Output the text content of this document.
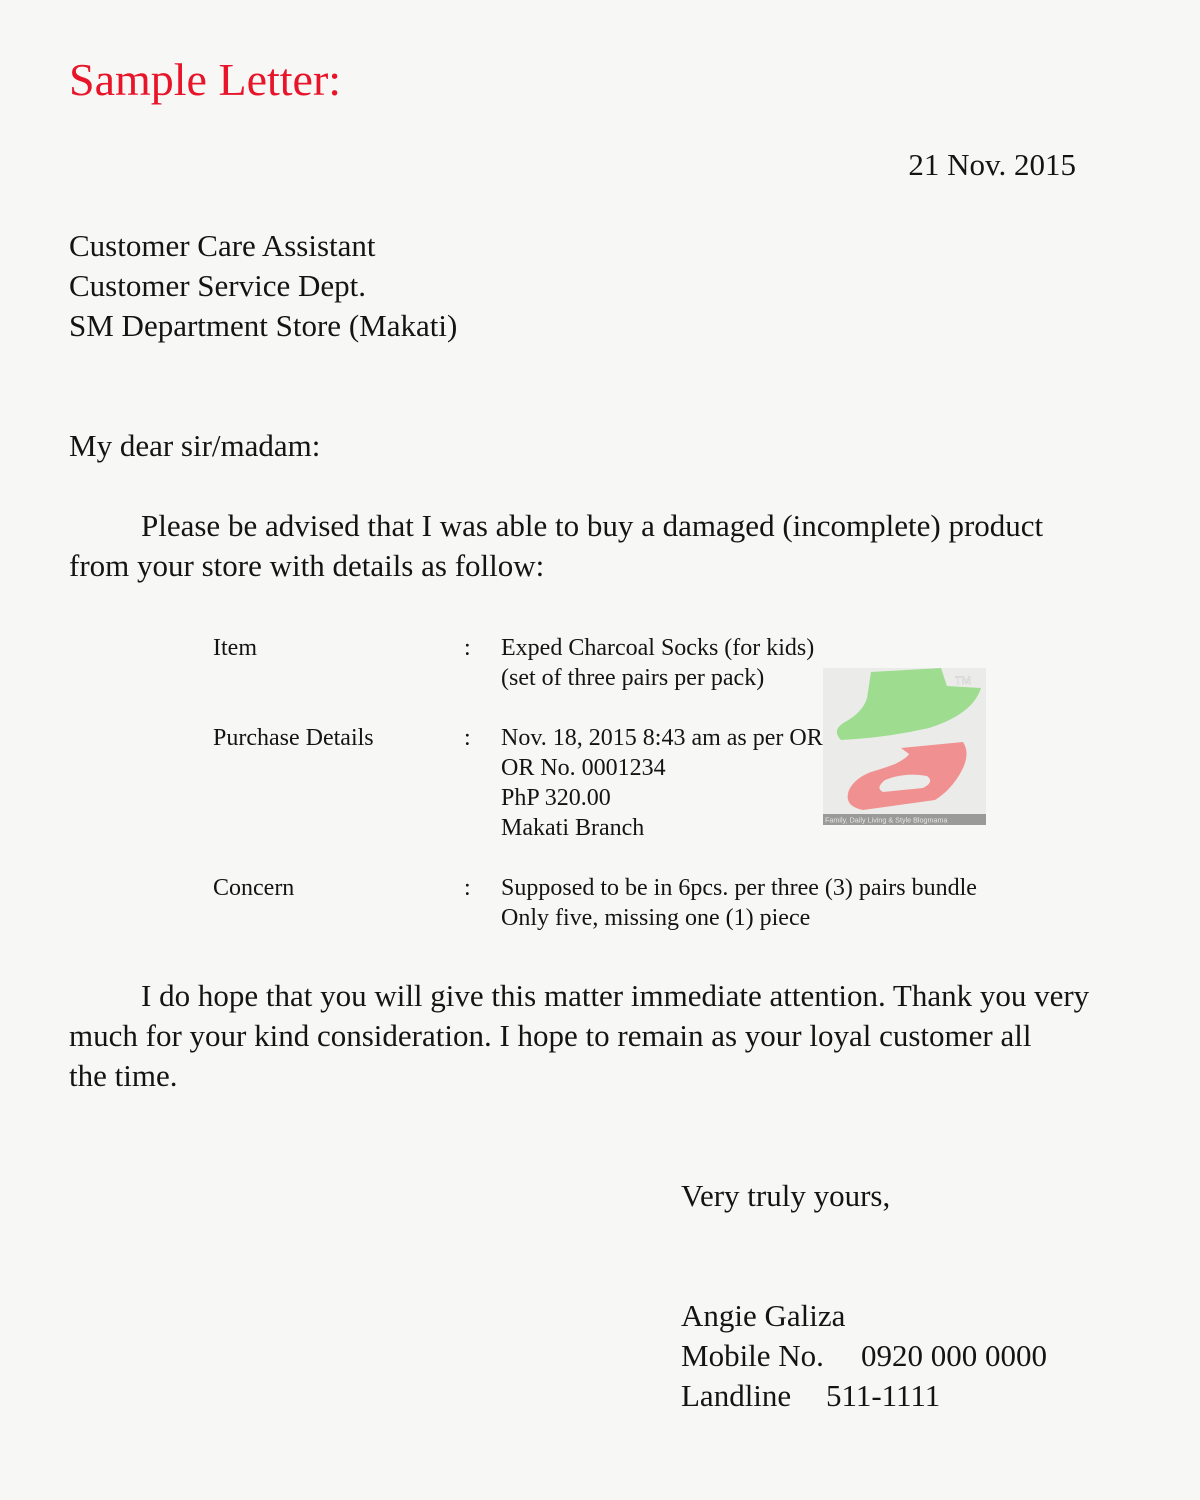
Sample Letter:
21 Nov. 2015
Customer Care Assistant
Customer Service Dept.
SM Department Store (Makati)
My dear sir/madam:
Please be advised that I was able to buy a damaged (incomplete) product
from your store with details as follow:
Item	: Exped Charcoal Socks (for kids)
(set of three pairs per pack)
Purchase Details	: Nov. 18, 2015 8:43 am as per OR
OR No. 0001234
PhP 320.00
Makati Branch
Concern	: Supposed to be in 6pcs. per three (3) pairs bundle
Only five, missing one (1) piece
TM
Family, Daily Living & Style Blogmama
I do hope that you will give this matter immediate attention. Thank you very
much for your kind consideration. I hope to remain as your loyal customer all
the time.
Very truly yours,
Angie Galiza
Mobile No. 0920 000 0000
Landline 511-1111
